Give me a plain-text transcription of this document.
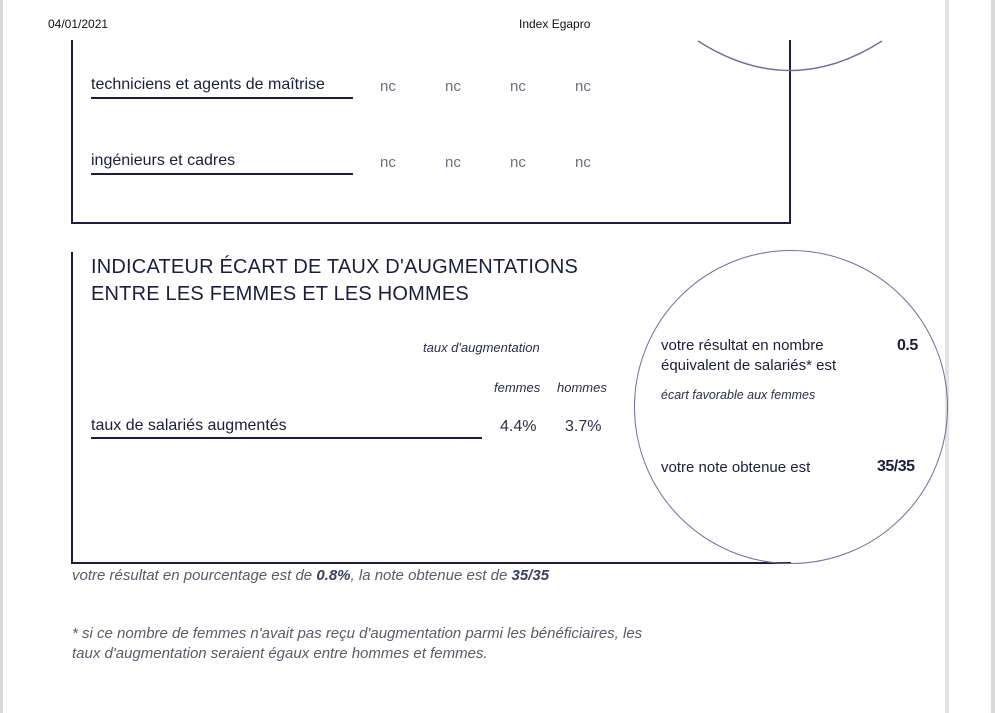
04/01/2021	Index Egapro
techniciens et agents de maîtrise	nc	nc	nc	nc
ingénieurs et cadres	nc	nc	nc	nc
INDICATEUR ÉCART DE TAUX D'AUGMENTATIONS
ENTRE LES FEMMES ET LES HOMMES
taux d'augmentation
femmes hommes
taux de salariés augmentés	4.4% 3.7%
votre résultat en nombre
équivalent de salariés* est
0.5
écart favorable aux femmes
votre note obtenue est	35/35
votre résultat en pourcentage est de 0.8%, la note obtenue est de 35/35
* si ce nombre de femmes n'avait pas reçu d'augmentation parmi les bénéficiaires, les
taux d'augmentation seraient égaux entre hommes et femmes.
